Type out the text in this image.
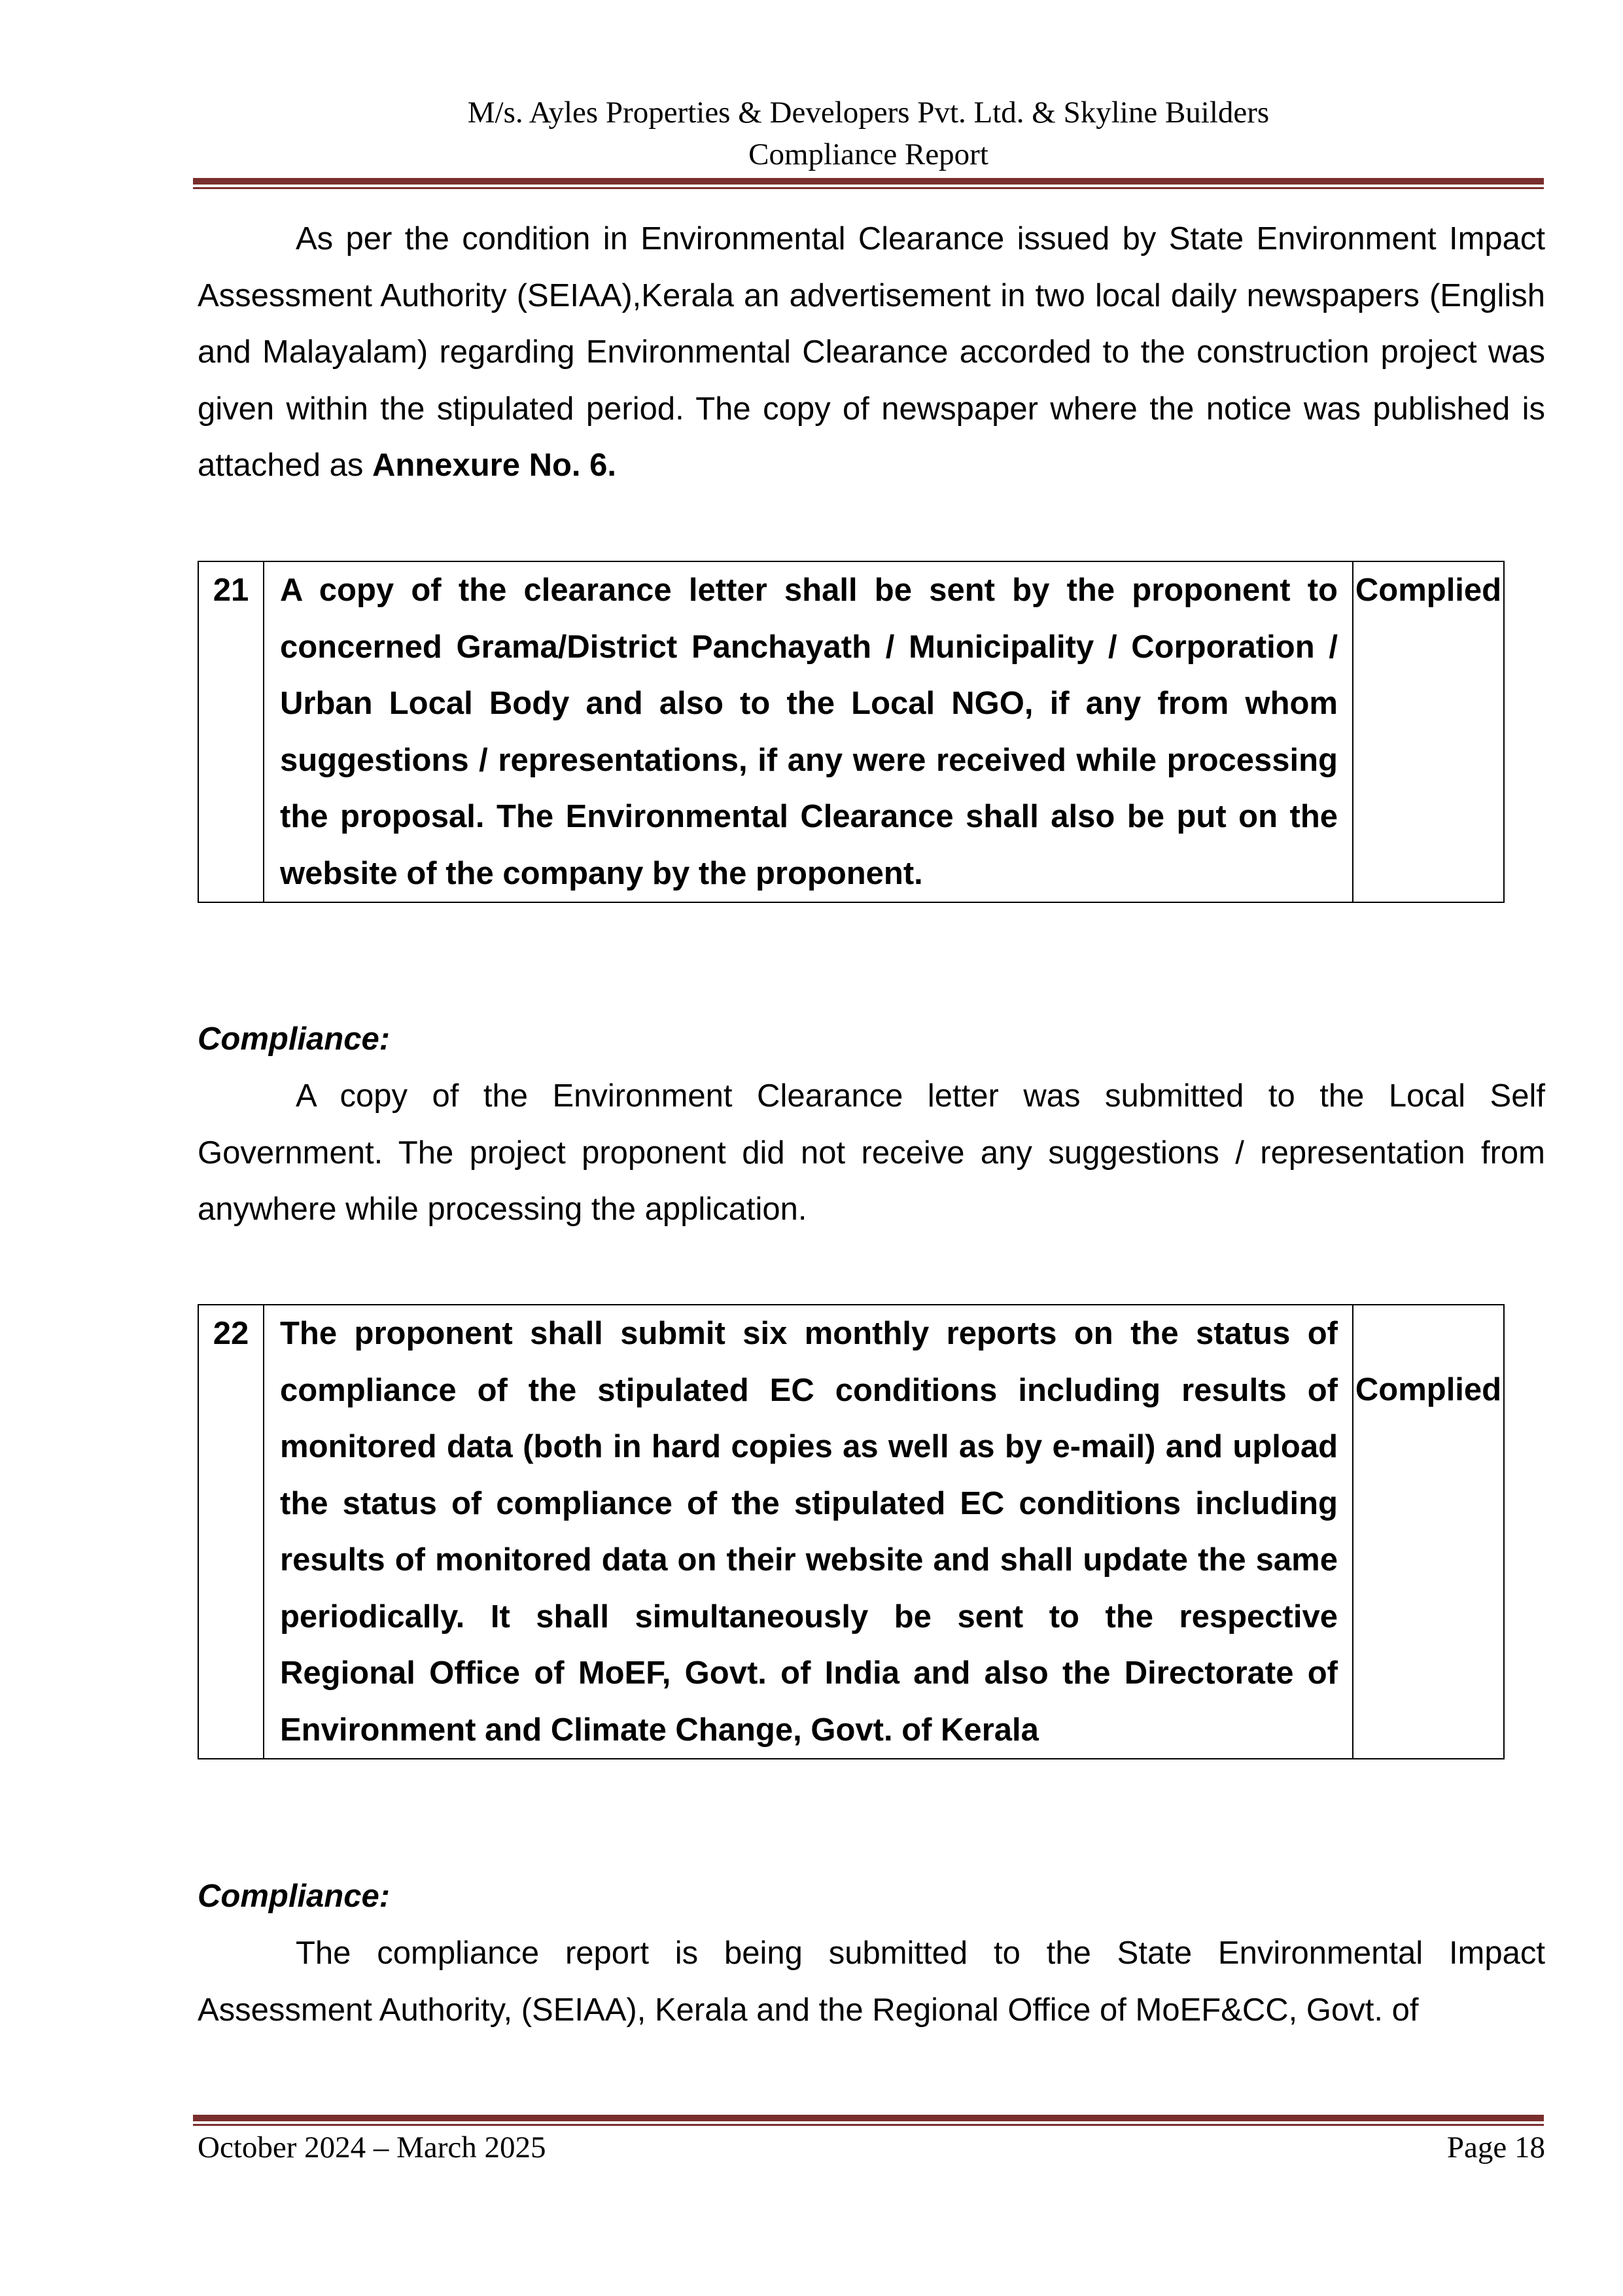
M/s. Ayles Properties & Developers Pvt. Ltd. & Skyline Builders
Compliance Report

As per the condition in Environmental Clearance issued by State Environment Impact Assessment Authority (SEIAA),Kerala an advertisement in two local daily newspapers (English and Malayalam) regarding Environmental Clearance accorded to the construction project was given within the stipulated period. The copy of newspaper where the notice was published is attached as Annexure No. 6.

21	A copy of the clearance letter shall be sent by the proponent to concerned Grama/District Panchayath / Municipality / Corporation / Urban Local Body and also to the Local NGO, if any from whom suggestions / representations, if any were received while processing the proposal. The Environmental Clearance shall also be put on the website of the company by the proponent.	Complied
Compliance:

A copy of the Environment Clearance letter was submitted to the Local Self Government. The project proponent did not receive any suggestions / representation from anywhere while processing the application.

22	The proponent shall submit six monthly reports on the status of compliance of the stipulated EC conditions including results of monitored data (both in hard copies as well as by e-mail) and upload the status of compliance of the stipulated EC conditions including results of monitored data on their website and shall update the same periodically. It shall simultaneously be sent to the respective Regional Office of MoEF, Govt. of India and also the Directorate of Environment and Climate Change, Govt. of Kerala	Complied
Compliance:

The compliance report is being submitted to the State Environmental Impact Assessment Authority, (SEIAA), Kerala and the Regional Office of MoEF&CC, Govt. of

October 2024 – March 2025	Page 18
